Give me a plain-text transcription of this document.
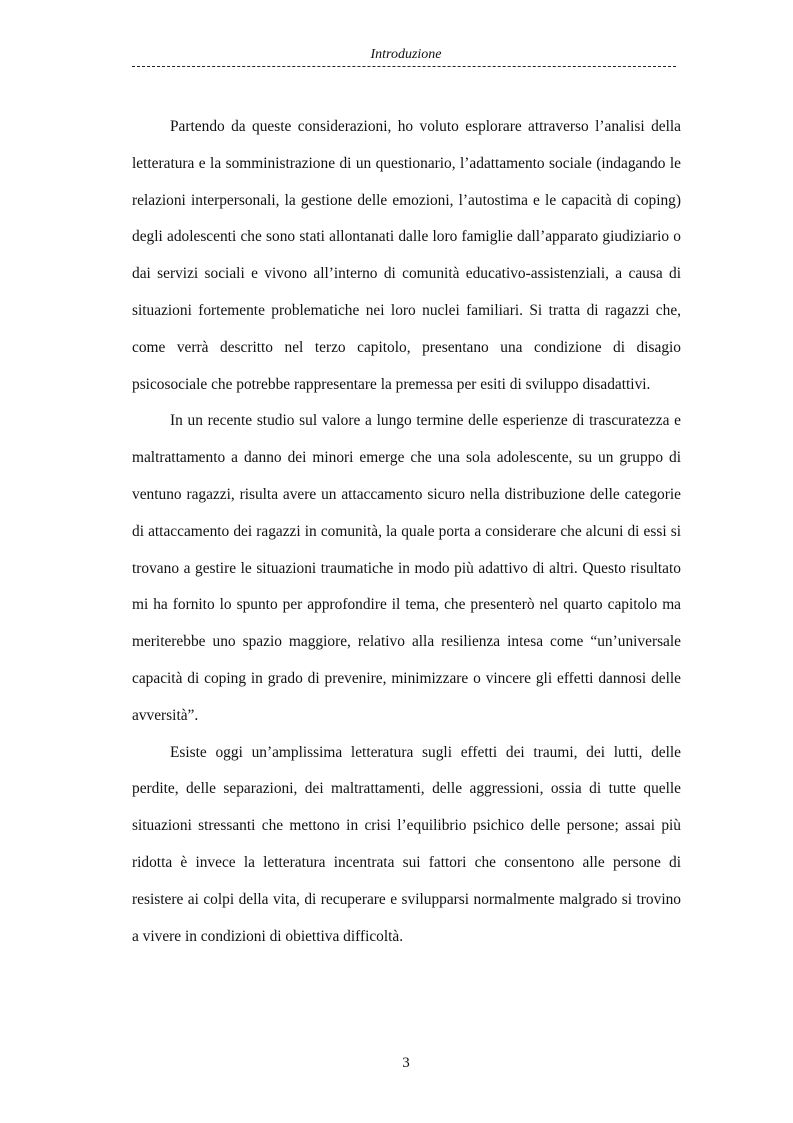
Introduzione

Partendo da queste considerazioni, ho voluto esplorare attraverso l’analisi della letteratura e la somministrazione di un questionario, l’adattamento sociale (indagando le relazioni interpersonali, la gestione delle emozioni, l’autostima e le capacità di coping) degli adolescenti che sono stati allontanati dalle loro famiglie dall’apparato giudiziario o dai servizi sociali e vivono all’interno di comunità educativo-assistenziali, a causa di situazioni fortemente problematiche nei loro nuclei familiari. Si tratta di ragazzi che, come verrà descritto nel terzo capitolo, presentano una condizione di disagio psicosociale che potrebbe rappresentare la premessa per esiti di sviluppo disadattivi.

In un recente studio sul valore a lungo termine delle esperienze di trascuratezza e maltrattamento a danno dei minori emerge che una sola adolescente, su un gruppo di ventuno ragazzi, risulta avere un attaccamento sicuro nella distribuzione delle categorie di attaccamento dei ragazzi in comunità, la quale porta a considerare che alcuni di essi si trovano a gestire le situazioni traumatiche in modo più adattivo di altri. Questo risultato mi ha fornito lo spunto per approfondire il tema, che presenterò nel quarto capitolo ma meriterebbe uno spazio maggiore, relativo alla resilienza intesa come “un’universale capacità di coping in grado di prevenire, minimizzare o vincere gli effetti dannosi delle avversità”.

Esiste oggi un’amplissima letteratura sugli effetti dei traumi, dei lutti, delle perdite, delle separazioni, dei maltrattamenti, delle aggressioni, ossia di tutte quelle situazioni stressanti che mettono in crisi l’equilibrio psichico delle persone; assai più ridotta è invece la letteratura incentrata sui fattori che consentono alle persone di resistere ai colpi della vita, di recuperare e svilupparsi normalmente malgrado si trovino a vivere in condizioni di obiettiva difficoltà.

3
